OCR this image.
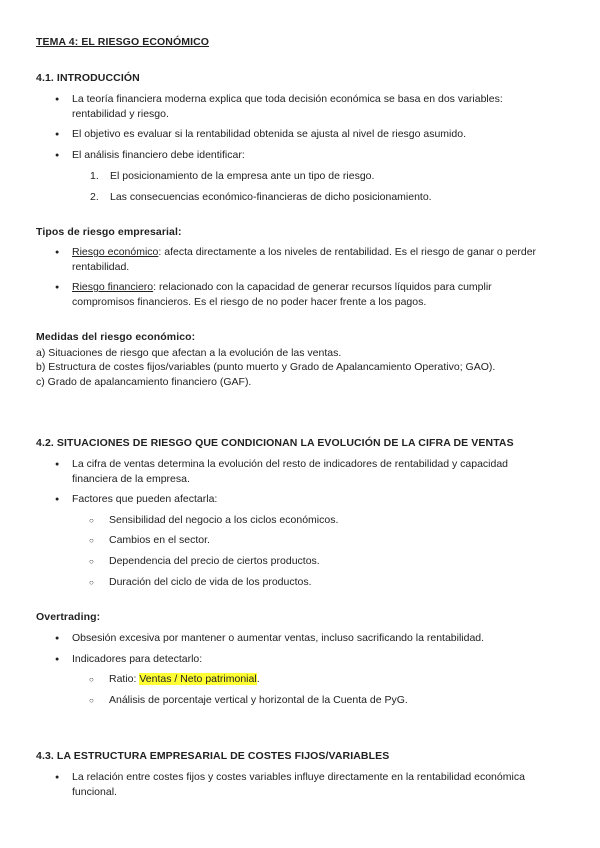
TEMA 4: EL RIESGO ECONÓMICO
4.1. INTRODUCCIÓN
● La teoría financiera moderna explica que toda decisión económica se basa en dos variables: rentabilidad y riesgo.
● El objetivo es evaluar si la rentabilidad obtenida se ajusta al nivel de riesgo asumido.
● El análisis financiero debe identificar:
1. El posicionamiento de la empresa ante un tipo de riesgo.
2. Las consecuencias económico-financieras de dicho posicionamiento.
Tipos de riesgo empresarial:
● Riesgo económico: afecta directamente a los niveles de rentabilidad. Es el riesgo de ganar o perder rentabilidad.
● Riesgo financiero: relacionado con la capacidad de generar recursos líquidos para cumplir compromisos financieros. Es el riesgo de no poder hacer frente a los pagos.
Medidas del riesgo económico:
a) Situaciones de riesgo que afectan a la evolución de las ventas.
b) Estructura de costes fijos/variables (punto muerto y Grado de Apalancamiento Operativo; GAO).
c) Grado de apalancamiento financiero (GAF).
4.2. SITUACIONES DE RIESGO QUE CONDICIONAN LA EVOLUCIÓN DE LA CIFRA DE VENTAS
● La cifra de ventas determina la evolución del resto de indicadores de rentabilidad y capacidad financiera de la empresa.
● Factores que pueden afectarla:
○ Sensibilidad del negocio a los ciclos económicos.
○ Cambios en el sector.
○ Dependencia del precio de ciertos productos.
○ Duración del ciclo de vida de los productos.
Overtrading:
● Obsesión excesiva por mantener o aumentar ventas, incluso sacrificando la rentabilidad.
● Indicadores para detectarlo:
○ Ratio: Ventas / Neto patrimonial.
○ Análisis de porcentaje vertical y horizontal de la Cuenta de PyG.
4.3. LA ESTRUCTURA EMPRESARIAL DE COSTES FIJOS/VARIABLES
● La relación entre costes fijos y costes variables influye directamente en la rentabilidad económica funcional.
